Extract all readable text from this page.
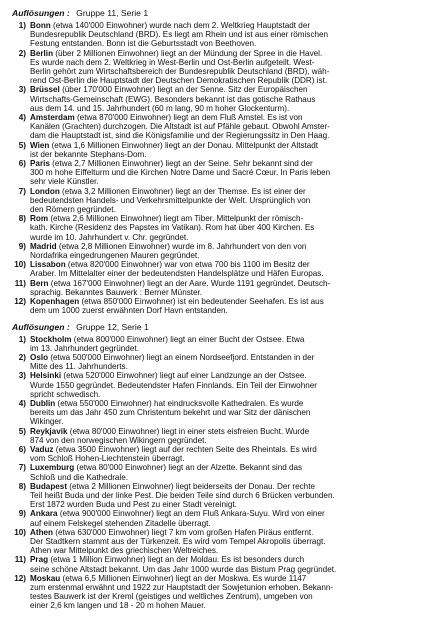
Auflösungen : Gruppe 11, Serie 1
1) Bonn (etwa 140'000 Einwohner) wurde nach dem 2. Weltkrieg Hauptstadt der
Bundesrepublik Deutschland (BRD). Es liegt am Rhein und ist aus einer römischen
Festung entstanden. Bonn ist die Geburtsstadt von Beethoven.
2) Berlin (über 2 Millionen Einwohner) liegt an der Mündung der Spree in die Havel.
Es wurde nach dem 2. Weltkrieg in West-Berlin und Ost-Berlin aufgeteilt. West-
Berlin gehört zum Wirtschaftsbereich der Bundesrepublik Deutschland (BRD), wäh-
rend Ost-Berlin die Hauptstadt der Deutschen Demokratischen Republik (DDR) ist.
3) Brüssel (über 170'000 Einwohner) liegt an der Senne. Sitz der Europäischen
Wirtschafts-Gemeinschaft (EWG). Besonders bekannt ist das gotische Rathaus
aus dem 14. und 15. Jahrhundert (60 m lang, 90 m hoher Glockenturm).
4) Amsterdam (etwa 870'000 Einwohner) liegt an dem Fluß Amstel. Es ist von
Kanälen (Grachten) durchzogen. Die Altstadt ist auf Pfähle gebaut. Obwohl Amster-
dam die Hauptstadt ist, sind die Königsfamilie und der Regierungssitz in Den Haag.
5) Wien (etwa 1,6 Millionen Einwohner) liegt an der Donau. Mittelpunkt der Altstadt
ist der bekannte Stephans-Dom.
6) Paris (etwa 2,7 Millionen Einwohner) liegt an der Seine. Sehr bekannt sind der
300 m hohe Eiffelturm und die Kirchen Notre Dame und Sacré Cœur. In Paris leben
sehr viele Künstler.
7) London (etwa 3,2 Millionen Einwohner) liegt an der Themse. Es ist einer der
bedeutendsten Handels- und Verkehrsmittelpunkte der Welt. Ursprünglich von
den Römern gegründet.
8) Rom (etwa 2,6 Millionen Einwohner) liegt am Tiber. Mittelpunkt der römisch-
kath. Kirche (Residenz des Papstes im Vatikan). Rom hat über 400 Kirchen. Es
wurde im 10. Jahrhundert v. Chr. gegründet.
9) Madrid (etwa 2,8 Millionen Einwohner) wurde im 8. Jahrhundert von den von
Nordafrika eingedrungenen Mauren gegründet.
10) Lissabon (etwa 820'000 Einwohner) war von etwa 700 bis 1100 im Besitz der
Araber. Im Mittelalter einer der bedeutendsten Handelsplätze und Häfen Europas.
11) Bern (etwa 167'000 Einwohner) liegt an der Aare. Wurde 1191 gegründet. Deutsch-
sprachig. Bekanntes Bauwerk : Berner Münster.
12) Kopenhagen (etwa 850'000 Einwohner) ist ein bedeutender Seehafen. Es ist aus
dem um 1000 zuerst erwähnten Dorf Havn entstanden.
Auflösungen : Gruppe 12, Serie 1
1) Stockholm (etwa 800'000 Einwohner) liegt an einer Bucht der Ostsee. Etwa
im 13. Jahrhundert gegründet.
2) Oslo (etwa 500'000 Einwohner) liegt an einem Nordseefjord. Entstanden in der
Mitte des 11. Jahrhunderts.
3) Helsinki (etwa 520'000 Einwohner) liegt auf einer Landzunge an der Ostsee.
Wurde 1550 gegründet. Bedeutendster Hafen Finnlands. Ein Teil der Einwohner
spricht schwedisch.
4) Dublin (etwa 550'000 Einwohner) hat eindrucksvolle Kathedralen. Es wurde
bereits um das Jahr 450 zum Christentum bekehrt und war Sitz der dänischen
Wikinger.
5) Reykjavik (etwa 80'000 Einwohner) liegt in einer stets eisfreien Bucht. Wurde
874 von den norwegischen Wikingern gegründet.
6) Vaduz (etwa 3500 Einwohner) liegt auf der rechten Seite des Rheintals. Es wird
vom Schloß Hohen-Liechtenstein überragt.
7) Luxemburg (etwa 80'000 Einwohner) liegt an der Alzette. Bekannt sind das
Schloß und die Kathedrale.
8) Budapest (etwa 2 Millionen Einwohner) liegt beiderseits der Donau. Der rechte
Teil heißt Buda und der linke Pest. Die beiden Teile sind durch 6 Brücken verbunden.
Erst 1872 wurden Buda und Pest zu einer Stadt vereinigt.
9) Ankara (etwa 900'000 Einwohner) liegt an dem Fluß Ankara-Suyu. Wird von einer
auf einem Felskegel stehenden Zitadelle überragt.
10) Athen (etwa 630'000 Einwohner) liegt 7 km vom großen Hafen Piräus entfernt.
Der Stadtkern stammt aus der Türkenzeit. Es wird vom Tempel Akropolis überragt.
Athen war Mittelpunkt des griechischen Weltreiches.
11) Prag (etwa 1 Million Einwohner) liegt an der Moldau. Es ist besonders durch
seine schöne Altstadt bekannt. Um das Jahr 1000 wurde das Bistum Prag gegründet.
12) Moskau (etwa 6,5 Millionen Einwohner) liegt an der Moskwa. Es wurde 1147
zum erstenmal erwähnt und 1922 zur Hauptstadt der Sowjetunion erhoben. Bekann-
testes Bauwerk ist der Kreml (geistiges und weltliches Zentrum), umgeben von
einer 2,6 km langen und 18 - 20 m hohen Mauer.
